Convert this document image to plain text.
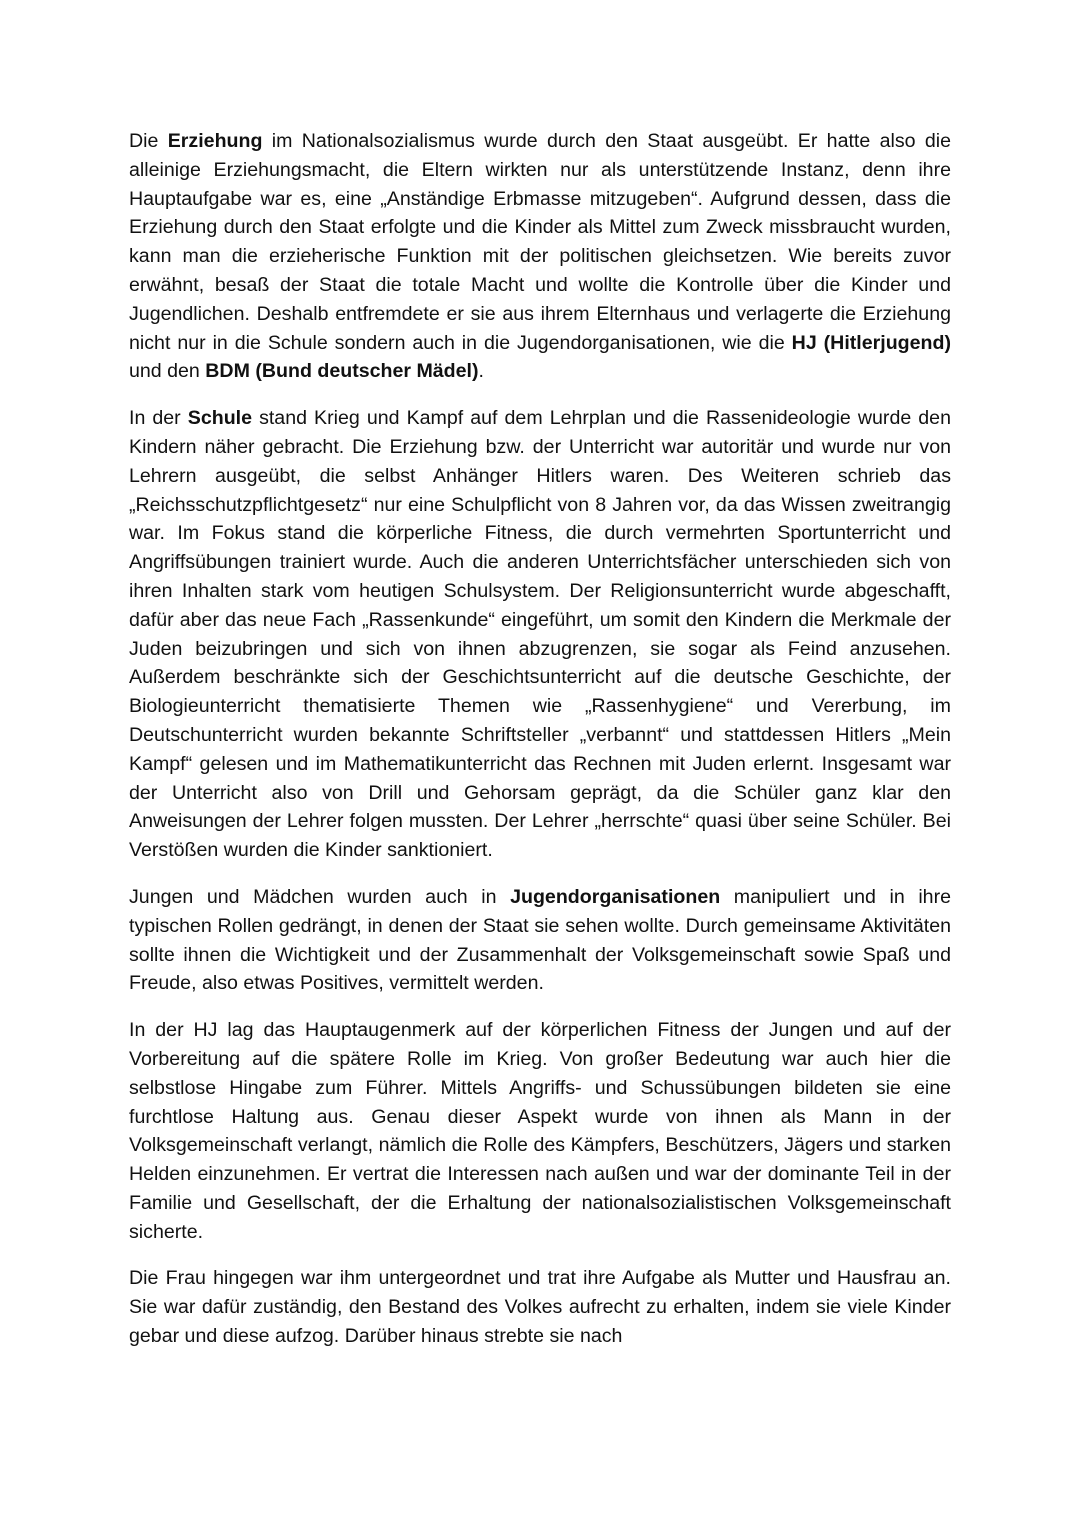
Die Erziehung im Nationalsozialismus wurde durch den Staat ausgeübt. Er hatte also die alleinige Erziehungsmacht, die Eltern wirkten nur als unterstützende Instanz, denn ihre Hauptaufgabe war es, eine „Anständige Erbmasse mitzugeben“. Aufgrund dessen, dass die Erziehung durch den Staat erfolgte und die Kinder als Mittel zum Zweck missbraucht wurden, kann man die erzieherische Funktion mit der politischen gleichsetzen. Wie bereits zuvor erwähnt, besaß der Staat die totale Macht und wollte die Kontrolle über die Kinder und Jugendlichen. Deshalb entfremdete er sie aus ihrem Elternhaus und verlagerte die Erziehung nicht nur in die Schule sondern auch in die Jugendorganisationen, wie die HJ (Hitlerjugend) und den BDM (Bund deutscher Mädel).

In der Schule stand Krieg und Kampf auf dem Lehrplan und die Rassenideologie wurde den Kindern näher gebracht. Die Erziehung bzw. der Unterricht war autoritär und wurde nur von Lehrern ausgeübt, die selbst Anhänger Hitlers waren. Des Weiteren schrieb das „Reichsschutzpflichtgesetz“ nur eine Schulpflicht von 8 Jahren vor, da das Wissen zweitrangig war. Im Fokus stand die körperliche Fitness, die durch vermehrten Sportunterricht und Angriffsübungen trainiert wurde. Auch die anderen Unterrichtsfächer unterschieden sich von ihren Inhalten stark vom heutigen Schulsystem. Der Religionsunterricht wurde abgeschafft, dafür aber das neue Fach „Rassenkunde“ eingeführt, um somit den Kindern die Merkmale der Juden beizubringen und sich von ihnen abzugrenzen, sie sogar als Feind anzusehen. Außerdem beschränkte sich der Geschichtsunterricht auf die deutsche Geschichte, der Biologieunterricht thematisierte Themen wie „Rassenhygiene“ und Vererbung, im Deutschunterricht wurden bekannte Schriftsteller „verbannt“ und stattdessen Hitlers „Mein Kampf“ gelesen und im Mathematikunterricht das Rechnen mit Juden erlernt. Insgesamt war der Unterricht also von Drill und Gehorsam geprägt, da die Schüler ganz klar den Anweisungen der Lehrer folgen mussten. Der Lehrer „herrschte“ quasi über seine Schüler. Bei Verstößen wurden die Kinder sanktioniert.

Jungen und Mädchen wurden auch in Jugendorganisationen manipuliert und in ihre typischen Rollen gedrängt, in denen der Staat sie sehen wollte. Durch gemeinsame Aktivitäten sollte ihnen die Wichtigkeit und der Zusammenhalt der Volksgemeinschaft sowie Spaß und Freude, also etwas Positives, vermittelt werden.

In der HJ lag das Hauptaugenmerk auf der körperlichen Fitness der Jungen und auf der Vorbereitung auf die spätere Rolle im Krieg. Von großer Bedeutung war auch hier die selbstlose Hingabe zum Führer. Mittels Angriffs- und Schussübungen bildeten sie eine furchtlose Haltung aus. Genau dieser Aspekt wurde von ihnen als Mann in der Volksgemeinschaft verlangt, nämlich die Rolle des Kämpfers, Beschützers, Jägers und starken Helden einzunehmen. Er vertrat die Interessen nach außen und war der dominante Teil in der Familie und Gesellschaft, der die Erhaltung der nationalsozialistischen Volksgemeinschaft sicherte.

Die Frau hingegen war ihm untergeordnet und trat ihre Aufgabe als Mutter und Hausfrau an. Sie war dafür zuständig, den Bestand des Volkes aufrecht zu erhalten, indem sie viele Kinder gebar und diese aufzog. Darüber hinaus strebte sie nach
